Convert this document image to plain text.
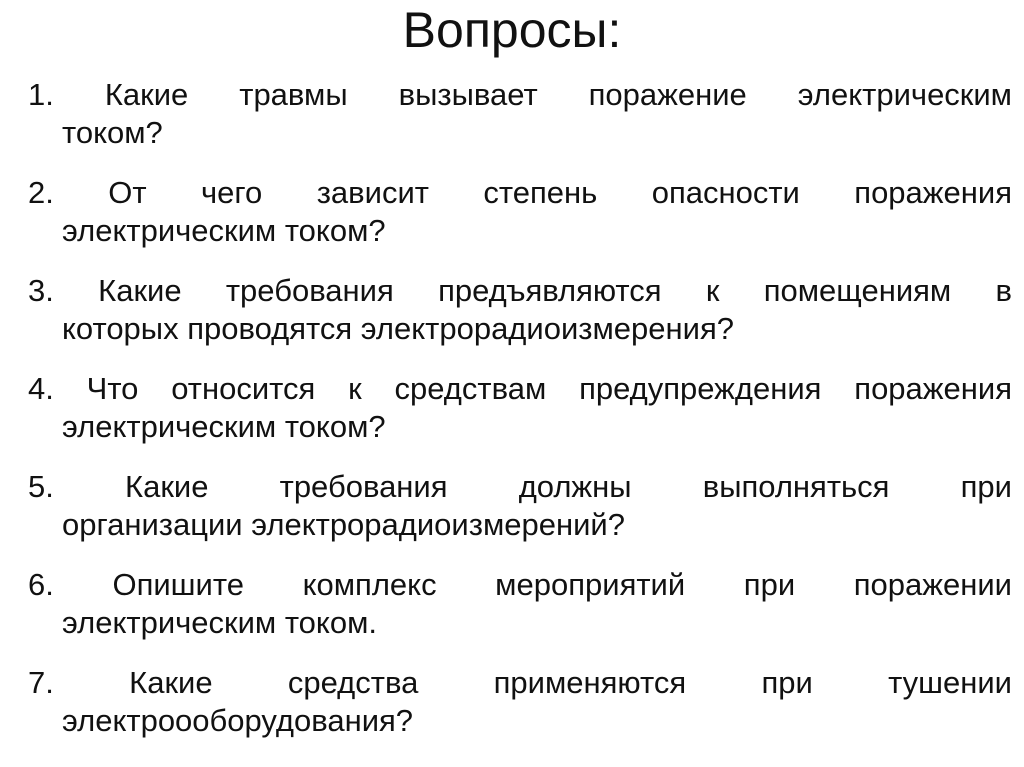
Вопросы:
1. Какие травмы вызывает поражение электрическим
током?
2. От чего зависит степень опасности поражения
электрическим током?
3. Какие требования предъявляются к помещениям в
которых проводятся электрорадиоизмерения?
4. Что относится к средствам предупреждения поражения
электрическим током?
5. Какие требования должны выполняться при
организации электрорадиоизмерений?
6. Опишите комплекс мероприятий при поражении
электрическим током.
7. Какие средства применяются при тушении
электроооборудования?
